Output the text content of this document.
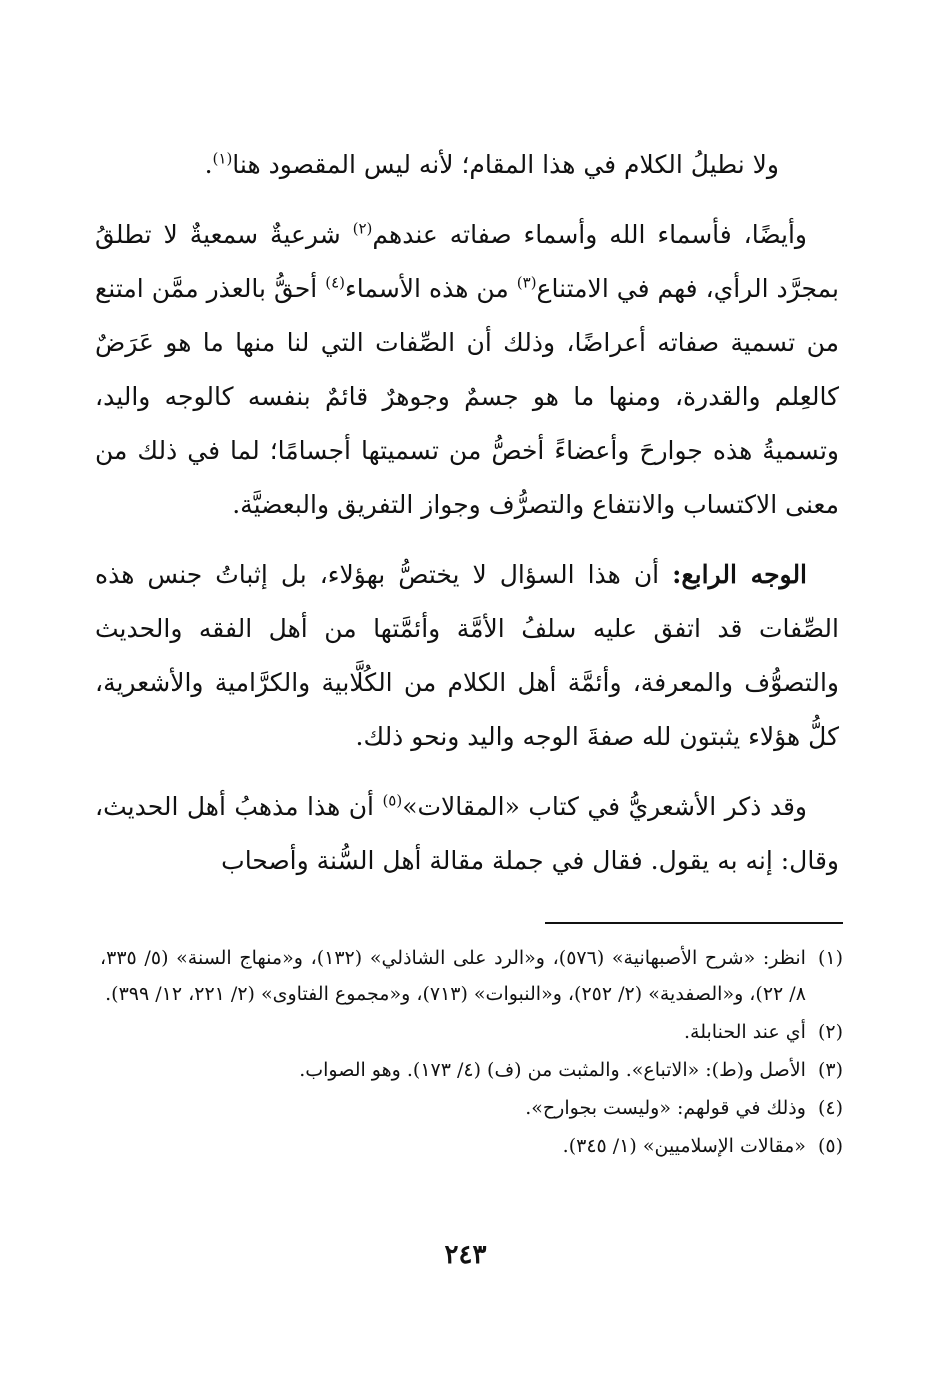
ولا نطيلُ الكلام في هذا المقام؛ لأنه ليس المقصود هنا$^{(١)}$.

وأيضًا، فأسماء الله وأسماء صفاته عندهم$^{(٢)}$ شرعيةٌ سمعيةٌ لا تطلقُ بمجرَّد الرأي، فهم في الامتناع$^{(٣)}$ من هذه الأسماء$^{(٤)}$ أحقُّ بالعذر ممَّن امتنع من تسمية صفاته أعراضًا، وذلك أن الصِّفات التي لنا منها ما هو عَرَضٌ كالعِلم والقدرة، ومنها ما هو جسمٌ وجوهرٌ قائمٌ بنفسه كالوجه واليد، وتسميةُ هذه جوارحَ وأعضاءً أخصُّ من تسميتها أجسامًا؛ لما في ذلك من معنى الاكتساب والانتفاع والتصرُّف وجواز التفريق والبعضيَّة.

الوجه الرابع: أن هذا السؤال لا يختصُّ بهؤلاء، بل إثباتُ جنس هذه الصِّفات قد اتفق عليه سلفُ الأمَّة وأئمَّتها من أهل الفقه والحديث والتصوُّف والمعرفة، وأئمَّة أهل الكلام من الكُلَّابية والكرَّامية والأشعرية، كلُّ هؤلاء يثبتون لله صفةَ الوجه واليد ونحو ذلك.

وقد ذكر الأشعريُّ في كتاب «المقالات»$^{(٥)}$ أن هذا مذهبُ أهل الحديث، وقال: إنه به يقول. فقال في جملة مقالة أهل السُّنة وأصحاب

(١)
انظر: «شرح الأصبهانية» (٥٧٦)، و«الرد على الشاذلي» (١٣٢)، و«منهاج السنة» (٥/ ٣٣٥، ٨/ ٢٢)، و«الصفدية» (٢/ ٢٥٢)، و«النبوات» (٧١٣)، و«مجموع الفتاوى» (٢/ ٢٢١، ١٢/ ٣٩٩).
(٢)
أي عند الحنابلة.
(٣)
الأصل و(ط): «الاتباع». والمثبت من (ف) (٤/ ١٧٣). وهو الصواب.
(٤)
وذلك في قولهم: «وليست بجوارح».
(٥)
«مقالات الإسلاميين» (١/ ٣٤٥).
٢٤٣
